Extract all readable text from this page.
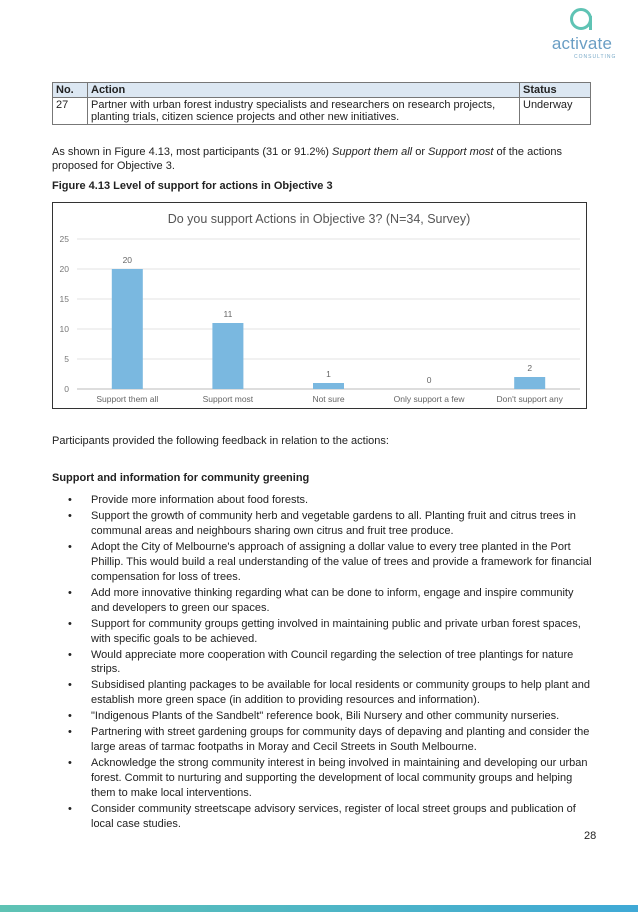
activate
CONSULTING
No.	Action	Status
27	Partner with urban forest industry specialists and researchers on research projects, planting trials, citizen science projects and other new initiatives.	Underway
As shown in Figure 4.13, most participants (31 or 91.2%) Support them all or Support most of the actions proposed for Objective 3.
Figure 4.13 Level of support for actions in Objective 3
Do you support Actions in Objective 3? (N=34, Survey)
0
5
10
15
20
25
20
Support them all
11
Support most
1
Not sure
0
Only support a few
2
Don't support any
Participants provided the following feedback in relation to the actions:
Support and information for community greening
• Provide more information about food forests.
• Support the growth of community herb and vegetable gardens to all. Planting fruit and citrus trees in communal areas and neighbours sharing own citrus and fruit tree produce.
• Adopt the City of Melbourne's approach of assigning a dollar value to every tree planted in the Port Phillip. This would build a real understanding of the value of trees and provide a framework for financial compensation for loss of trees.
• Add more innovative thinking regarding what can be done to inform, engage and inspire community and developers to green our spaces.
• Support for community groups getting involved in maintaining public and private urban forest spaces, with specific goals to be achieved.
• Would appreciate more cooperation with Council regarding the selection of tree plantings for nature strips.
• Subsidised planting packages to be available for local residents or community groups to help plant and establish more green space (in addition to providing resources and information).
• "Indigenous Plants of the Sandbelt" reference book, Bili Nursery and other community nurseries.
• Partnering with street gardening groups for community days of depaving and planting and consider the large areas of tarmac footpaths in Moray and Cecil Streets in South Melbourne.
• Acknowledge the strong community interest in being involved in maintaining and developing our urban forest. Commit to nurturing and supporting the development of local community groups and helping them to make local interventions.
• Consider community streetscape advisory services, register of local street groups and publication of local case studies.
28
